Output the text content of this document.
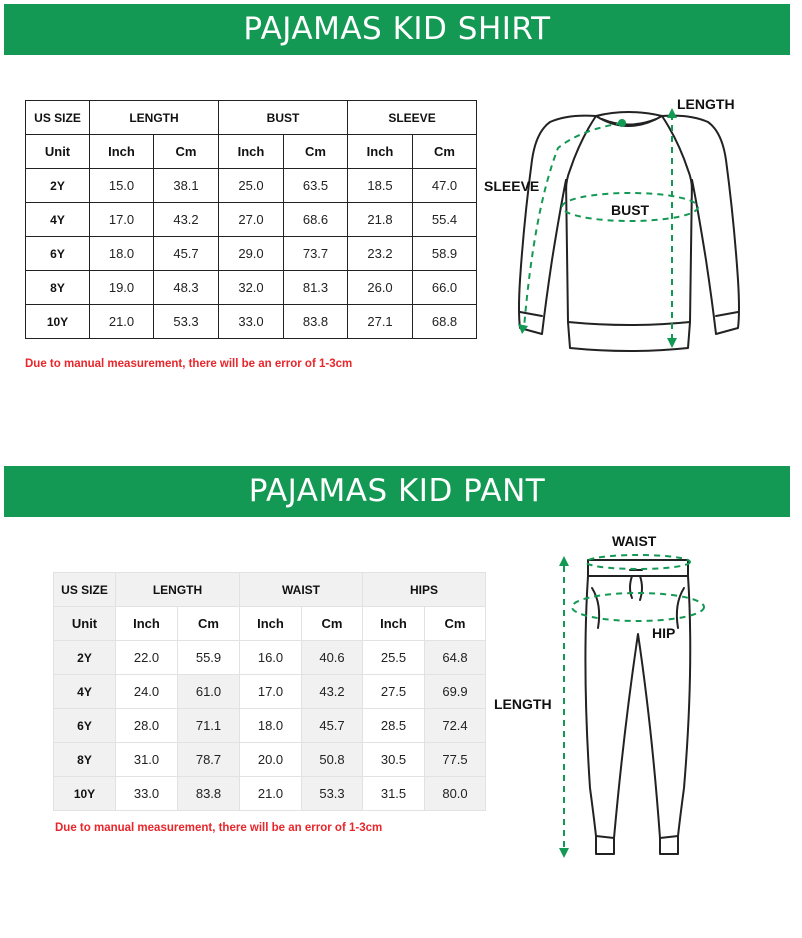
PAJAMAS KID SHIRT
US SIZE	LENGTH		BUST		SLEEVE	
Unit	Inch	Cm	Inch	Cm	Inch	Cm
2Y	15.0	38.1	25.0	63.5	18.5	47.0
4Y	17.0	43.2	27.0	68.6	21.8	55.4
6Y	18.0	45.7	29.0	73.7	23.2	58.9
8Y	19.0	48.3	32.0	81.3	26.0	66.0
10Y	21.0	53.3	33.0	83.8	27.1	68.8
Due to manual measurement, there will be an error of 1-3cm
LENGTH
BUST
SLEEVE
PAJAMAS KID PANT
US SIZE	LENGTH		WAIST		HIPS	
Unit	Inch	Cm	Inch	Cm	Inch	Cm
2Y	22.0	55.9	16.0	40.6	25.5	64.8
4Y	24.0	61.0	17.0	43.2	27.5	69.9
6Y	28.0	71.1	18.0	45.7	28.5	72.4
8Y	31.0	78.7	20.0	50.8	30.5	77.5
10Y	33.0	83.8	21.0	53.3	31.5	80.0
Due to manual measurement, there will be an error of 1-3cm
WAIST
HIP
LENGTH
